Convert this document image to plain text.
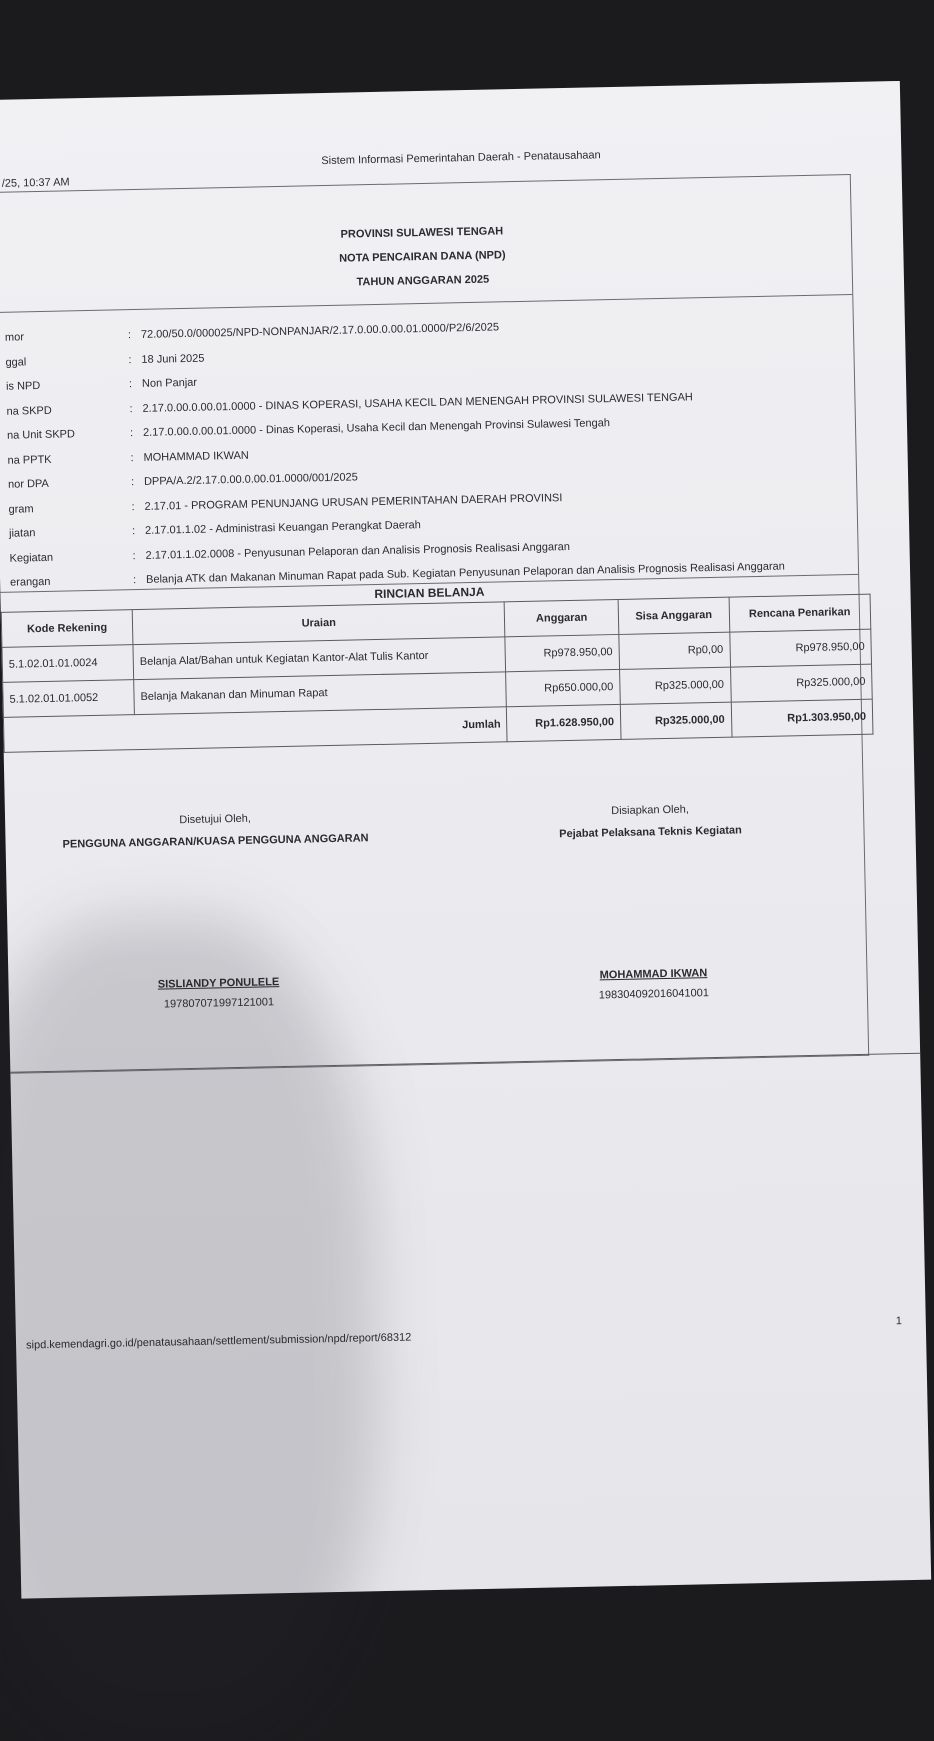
/25, 10:37 AM
Sistem Informasi Pemerintahan Daerah - Penatausahaan
PROVINSI SULAWESI TENGAH
NOTA PENCAIRAN DANA (NPD)
TAHUN ANGGARAN 2025
mor	: 72.00/50.0/000025/NPD-NONPANJAR/2.17.0.00.0.00.01.0000/P2/6/2025
ggal	: 18 Juni 2025
is NPD	: Non Panjar
na SKPD	: 2.17.0.00.0.00.01.0000 - DINAS KOPERASI, USAHA KECIL DAN MENENGAH PROVINSI SULAWESI TENGAH
na Unit SKPD	: 2.17.0.00.0.00.01.0000 - Dinas Koperasi, Usaha Kecil dan Menengah Provinsi Sulawesi Tengah
na PPTK	: MOHAMMAD IKWAN
nor DPA	: DPPA/A.2/2.17.0.00.0.00.01.0000/001/2025
gram	: 2.17.01 - PROGRAM PENUNJANG URUSAN PEMERINTAHAN DAERAH PROVINSI
jiatan	: 2.17.01.1.02 - Administrasi Keuangan Perangkat Daerah
Kegiatan	: 2.17.01.1.02.0008 - Penyusunan Pelaporan dan Analisis Prognosis Realisasi Anggaran
erangan	: Belanja ATK dan Makanan Minuman Rapat pada Sub. Kegiatan Penyusunan Pelaporan dan Analisis Prognosis Realisasi Anggaran
RINCIAN BELANJA
Kode Rekening	Uraian	Anggaran	Sisa Anggaran	Rencana Penarikan
5.1.02.01.01.0024	Belanja Alat/Bahan untuk Kegiatan Kantor-Alat Tulis Kantor	Rp978.950,00	Rp0,00	Rp978.950,00
5.1.02.01.01.0052	Belanja Makanan dan Minuman Rapat	Rp650.000,00	Rp325.000,00	Rp325.000,00
Jumlah		Rp1.628.950,00	Rp325.000,00	Rp1.303.950,00
Disetujui Oleh,
PENGGUNA ANGGARAN/KUASA PENGGUNA ANGGARAN
SISLIANDY PONULELE
197807071997121001
Disiapkan Oleh,
Pejabat Pelaksana Teknis Kegiatan
MOHAMMAD IKWAN
198304092016041001
sipd.kemendagri.go.id/penatausahaan/settlement/submission/npd/report/68312
1
